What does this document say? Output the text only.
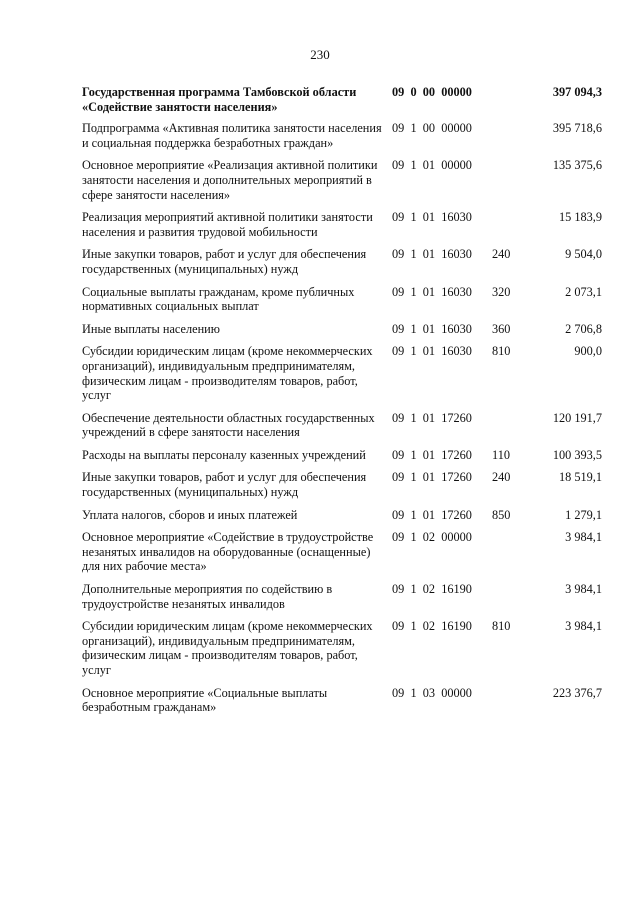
230
Государственная программа Тамбовской области «Содействие занятости населения»	09  0  00  00000		397 094,3
Подпрограмма «Активная политика занятости населения и социальная поддержка безработных граждан»	09  1  00  00000		395 718,6
Основное мероприятие «Реализация активной политики занятости населения и дополнительных мероприятий в сфере занятости населения»	09  1  01  00000		135 375,6
Реализация мероприятий активной политики занятости населения и развития трудовой мобильности	09  1  01  16030		15 183,9
Иные закупки товаров, работ и услуг для обеспечения государственных (муниципальных) нужд	09  1  01  16030	240	9 504,0
Социальные выплаты гражданам, кроме публичных нормативных социальных выплат	09  1  01  16030	320	2 073,1
Иные выплаты населению	09  1  01  16030	360	2 706,8
Субсидии юридическим лицам (кроме некоммерческих организаций), индивидуальным предпринимателям, физическим лицам - производителям товаров, работ, услуг	09  1  01  16030	810	900,0
Обеспечение деятельности областных государственных учреждений в сфере занятости населения	09  1  01  17260		120 191,7
Расходы на выплаты персоналу казенных учреждений	09  1  01  17260	110	100 393,5
Иные закупки товаров, работ и услуг для обеспечения государственных (муниципальных) нужд	09  1  01  17260	240	18 519,1
Уплата налогов, сборов и иных платежей	09  1  01  17260	850	1 279,1
Основное мероприятие «Содействие в трудоустройстве незанятых инвалидов на оборудованные (оснащенные) для них рабочие места»	09  1  02  00000		3 984,1
Дополнительные мероприятия по содействию в трудоустройстве незанятых инвалидов	09  1  02  16190		3 984,1
Субсидии юридическим лицам (кроме некоммерческих организаций), индивидуальным предпринимателям, физическим лицам - производителям товаров, работ, услуг	09  1  02  16190	810	3 984,1
Основное мероприятие «Социальные выплаты безработным гражданам»	09  1  03  00000		223 376,7
